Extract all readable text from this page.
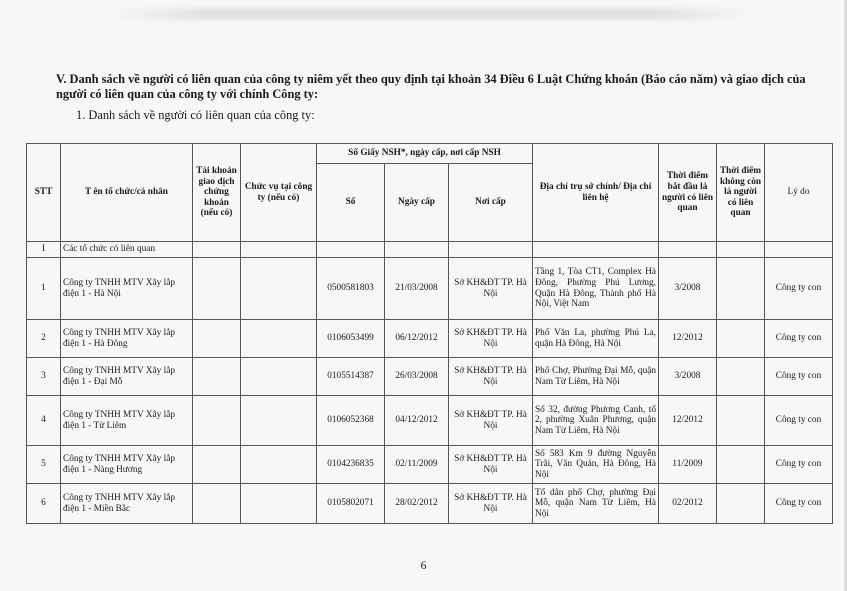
V. Danh sách về người có liên quan của công ty niêm yết theo quy định tại khoản 34 Điều 6 Luật Chứng khoán (Báo cáo năm) và giao dịch của người có liên quan của công ty với chính Công ty:
1. Danh sách về người có liên quan của công ty:
STT	T ên tổ chức/cá nhân	Tài khoản giao dịch chứng khoán (nếu có)	Chức vụ tại công ty (nếu có)	Số Giấy NSH*, ngày cấp, nơi cấp NSH			Địa chỉ trụ sở chính/ Địa chỉ liên hệ	Thời điểm bắt đầu là người có liên quan	Thời điểm không còn là người có liên quan	Lý do
				Số	Ngày cấp	Nơi cấp				
I	Các tổ chức có liên quan									
1	Công ty TNHH MTV Xây lắp điện 1 - Hà Nội			0500581803	21/03/2008	Sở KH&ĐT TP. Hà Nội	Tầng 1, Tòa CT1, Complex Hà Đông, Phường Phú Lương, Quận Hà Đông, Thành phố Hà Nội, Việt Nam	3/2008		Công ty con
2	Công ty TNHH MTV Xây lắp điện 1 - Hà Đông			0106053499	06/12/2012	Sở KH&ĐT TP. Hà Nội	Phố Văn La, phường Phú La, quận Hà Đông, Hà Nội	12/2012		Công ty con
3	Công ty TNHH MTV Xây lắp điện 1 - Đại Mỗ			0105514387	26/03/2008	Sở KH&ĐT TP. Hà Nội	Phố Chợ, Phường Đại Mỗ, quận Nam Từ Liêm, Hà Nội	3/2008		Công ty con
4	Công ty TNHH MTV Xây lắp điện 1 - Từ Liêm			0106052368	04/12/2012	Sở KH&ĐT TP. Hà Nội	Số 32, đường Phương Canh, tổ 2, phường Xuân Phương, quận Nam Từ Liêm, Hà Nội	12/2012		Công ty con
5	Công ty TNHH MTV Xây lắp điện 1 - Nàng Hương			0104236835	02/11/2009	Sở KH&ĐT TP. Hà Nội	Số 583 Km 9 đường Nguyễn Trãi, Văn Quán, Hà Đông, Hà Nội	11/2009		Công ty con
6	Công ty TNHH MTV Xây lắp điện 1 - Miền Bắc			0105802071	28/02/2012	Sở KH&ĐT TP. Hà Nội	Tổ dân phố Chợ, phường Đại Mỗ, quận Nam Từ Liêm, Hà Nội	02/2012		Công ty con
6
